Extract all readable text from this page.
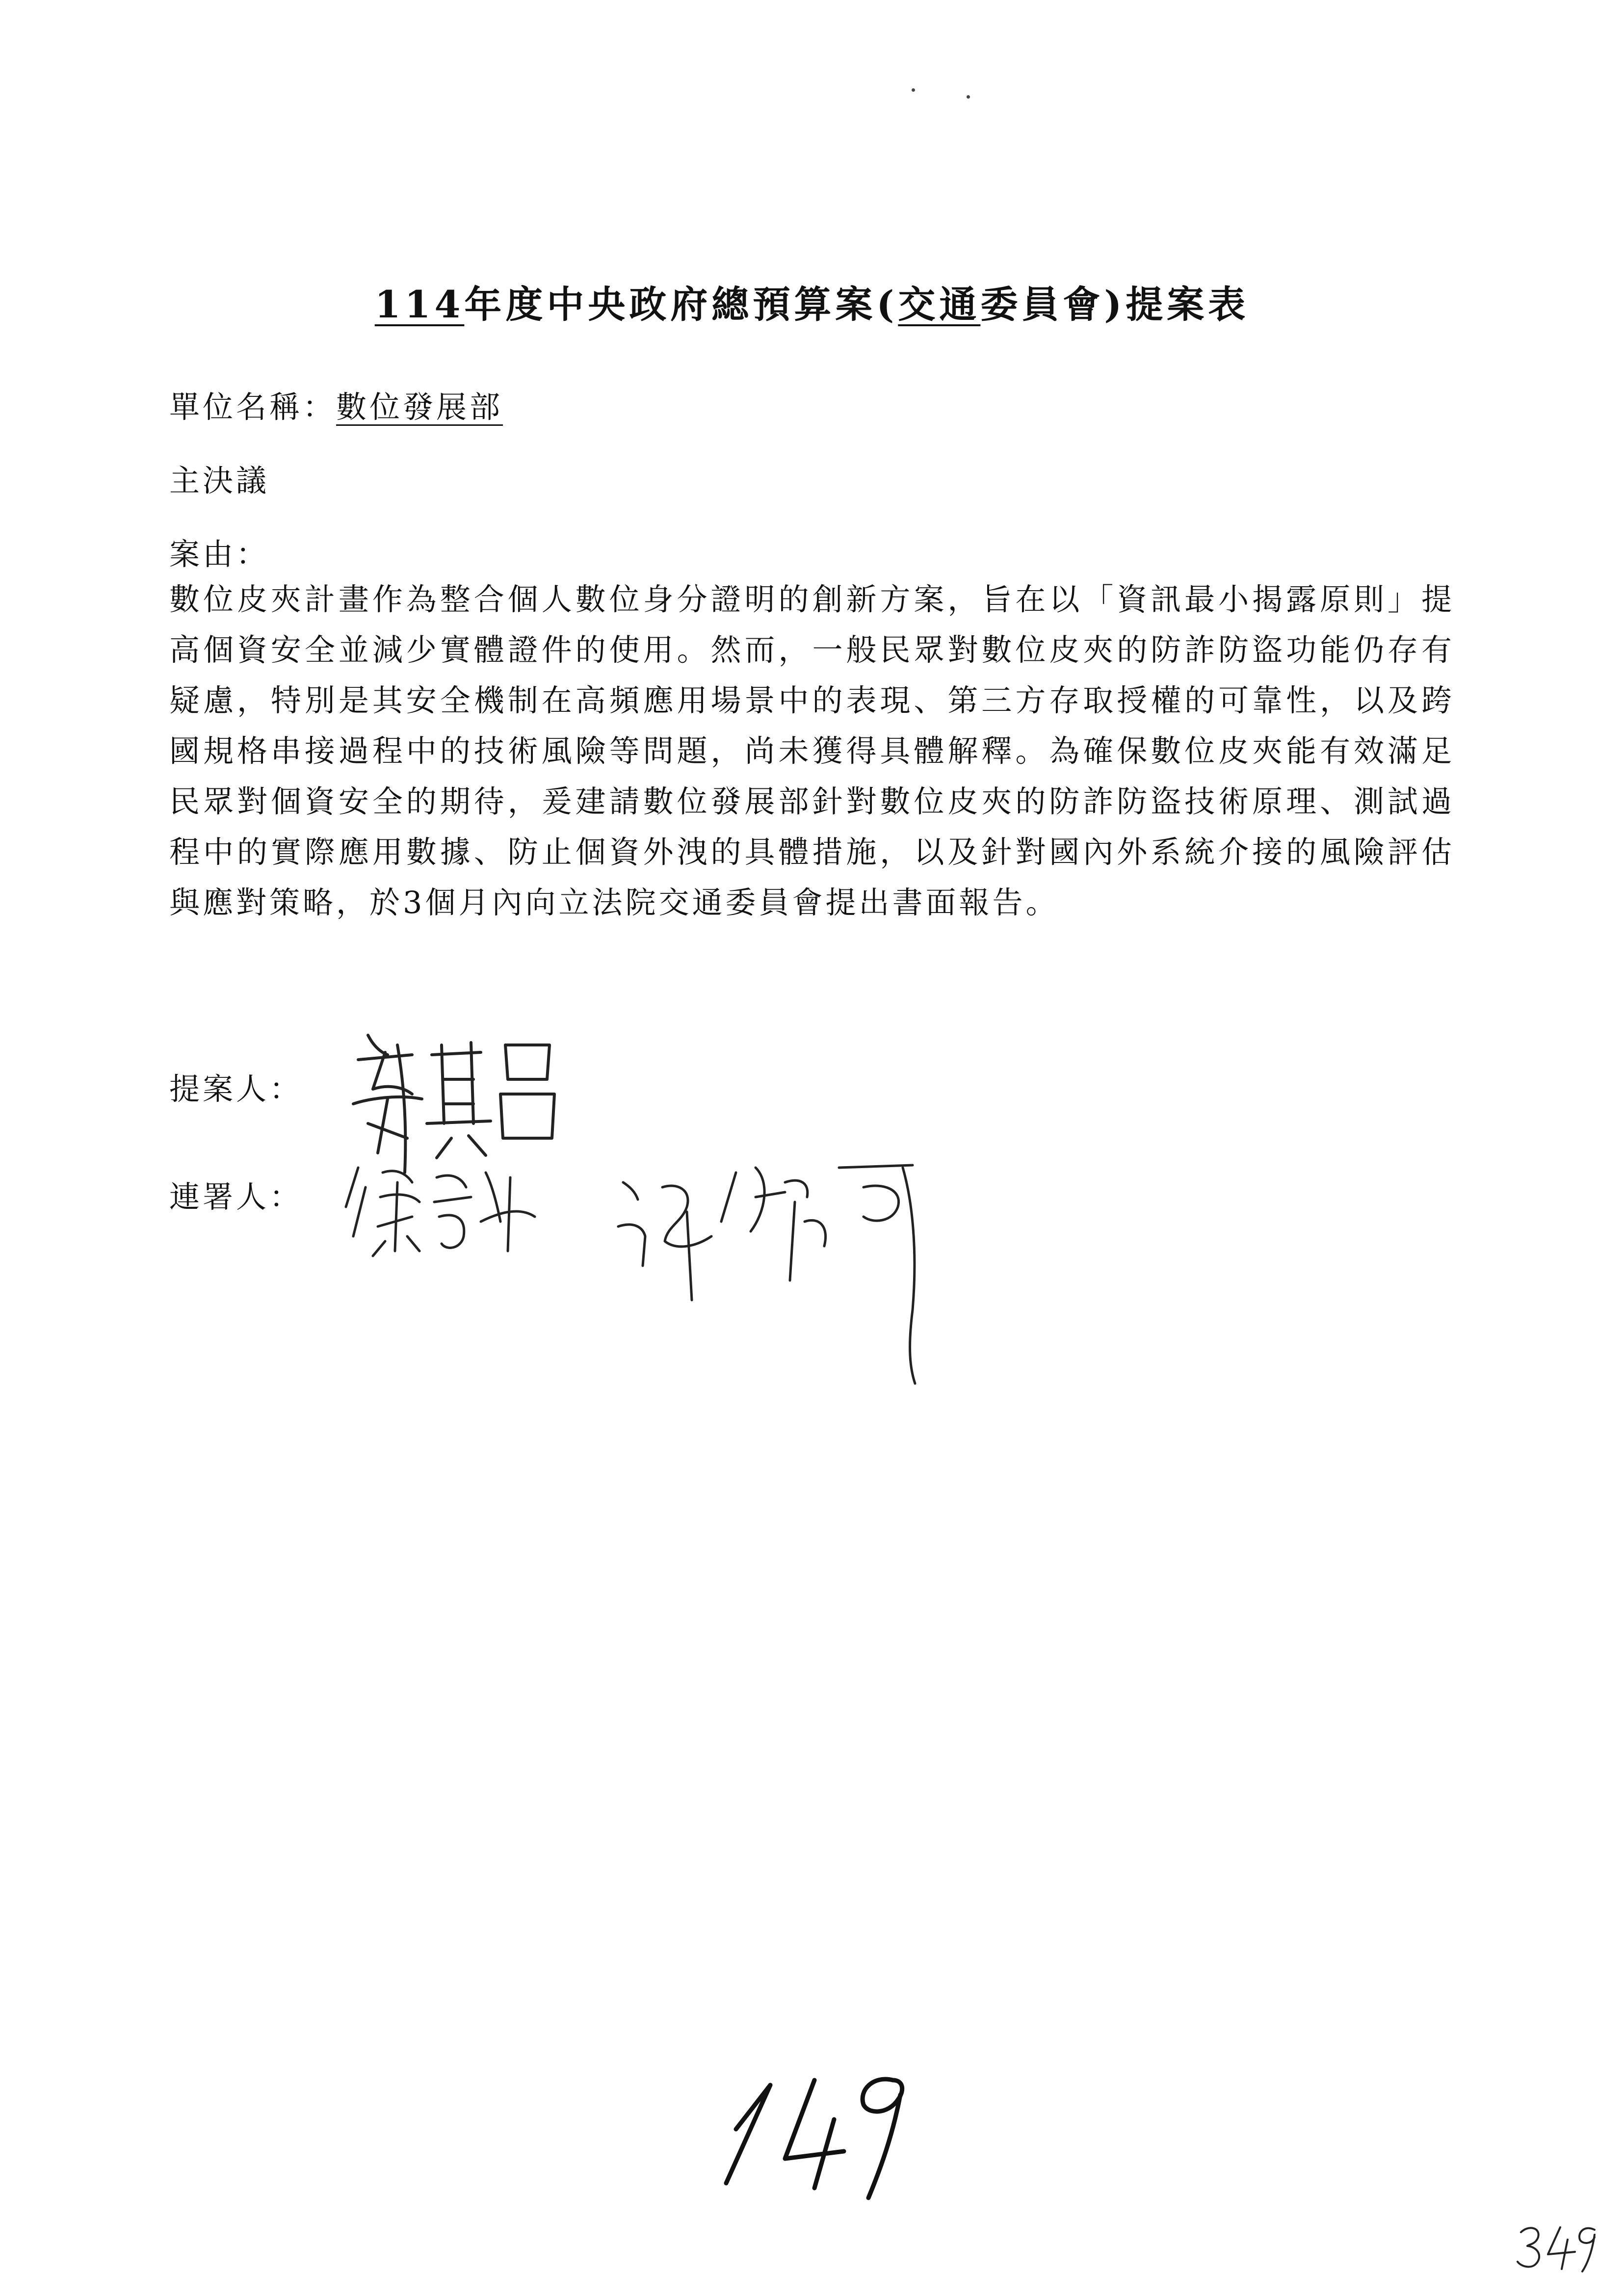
114年度中央政府總預算案(交通委員會)提案表
單位名稱：數位發展部
主決議
案由：

數位皮夾計畫作為整合個人數位身分證明的創新方案，旨在以「資訊最小揭露原則」提高個資安全並減少實體證件的使用。然而，一般民眾對數位皮夾的防詐防盜功能仍存有疑慮，特別是其安全機制在高頻應用場景中的表現、第三方存取授權的可靠性，以及跨國規格串接過程中的技術風險等問題，尚未獲得具體解釋。為確保數位皮夾能有效滿足民眾對個資安全的期待，爰建請數位發展部針對數位皮夾的防詐防盜技術原理、測試過程中的實際應用數據、防止個資外洩的具體措施，以及針對國內外系統介接的風險評估與應對策略，於3個月內向立法院交通委員會提出書面報告。

提案人：
連署人：
